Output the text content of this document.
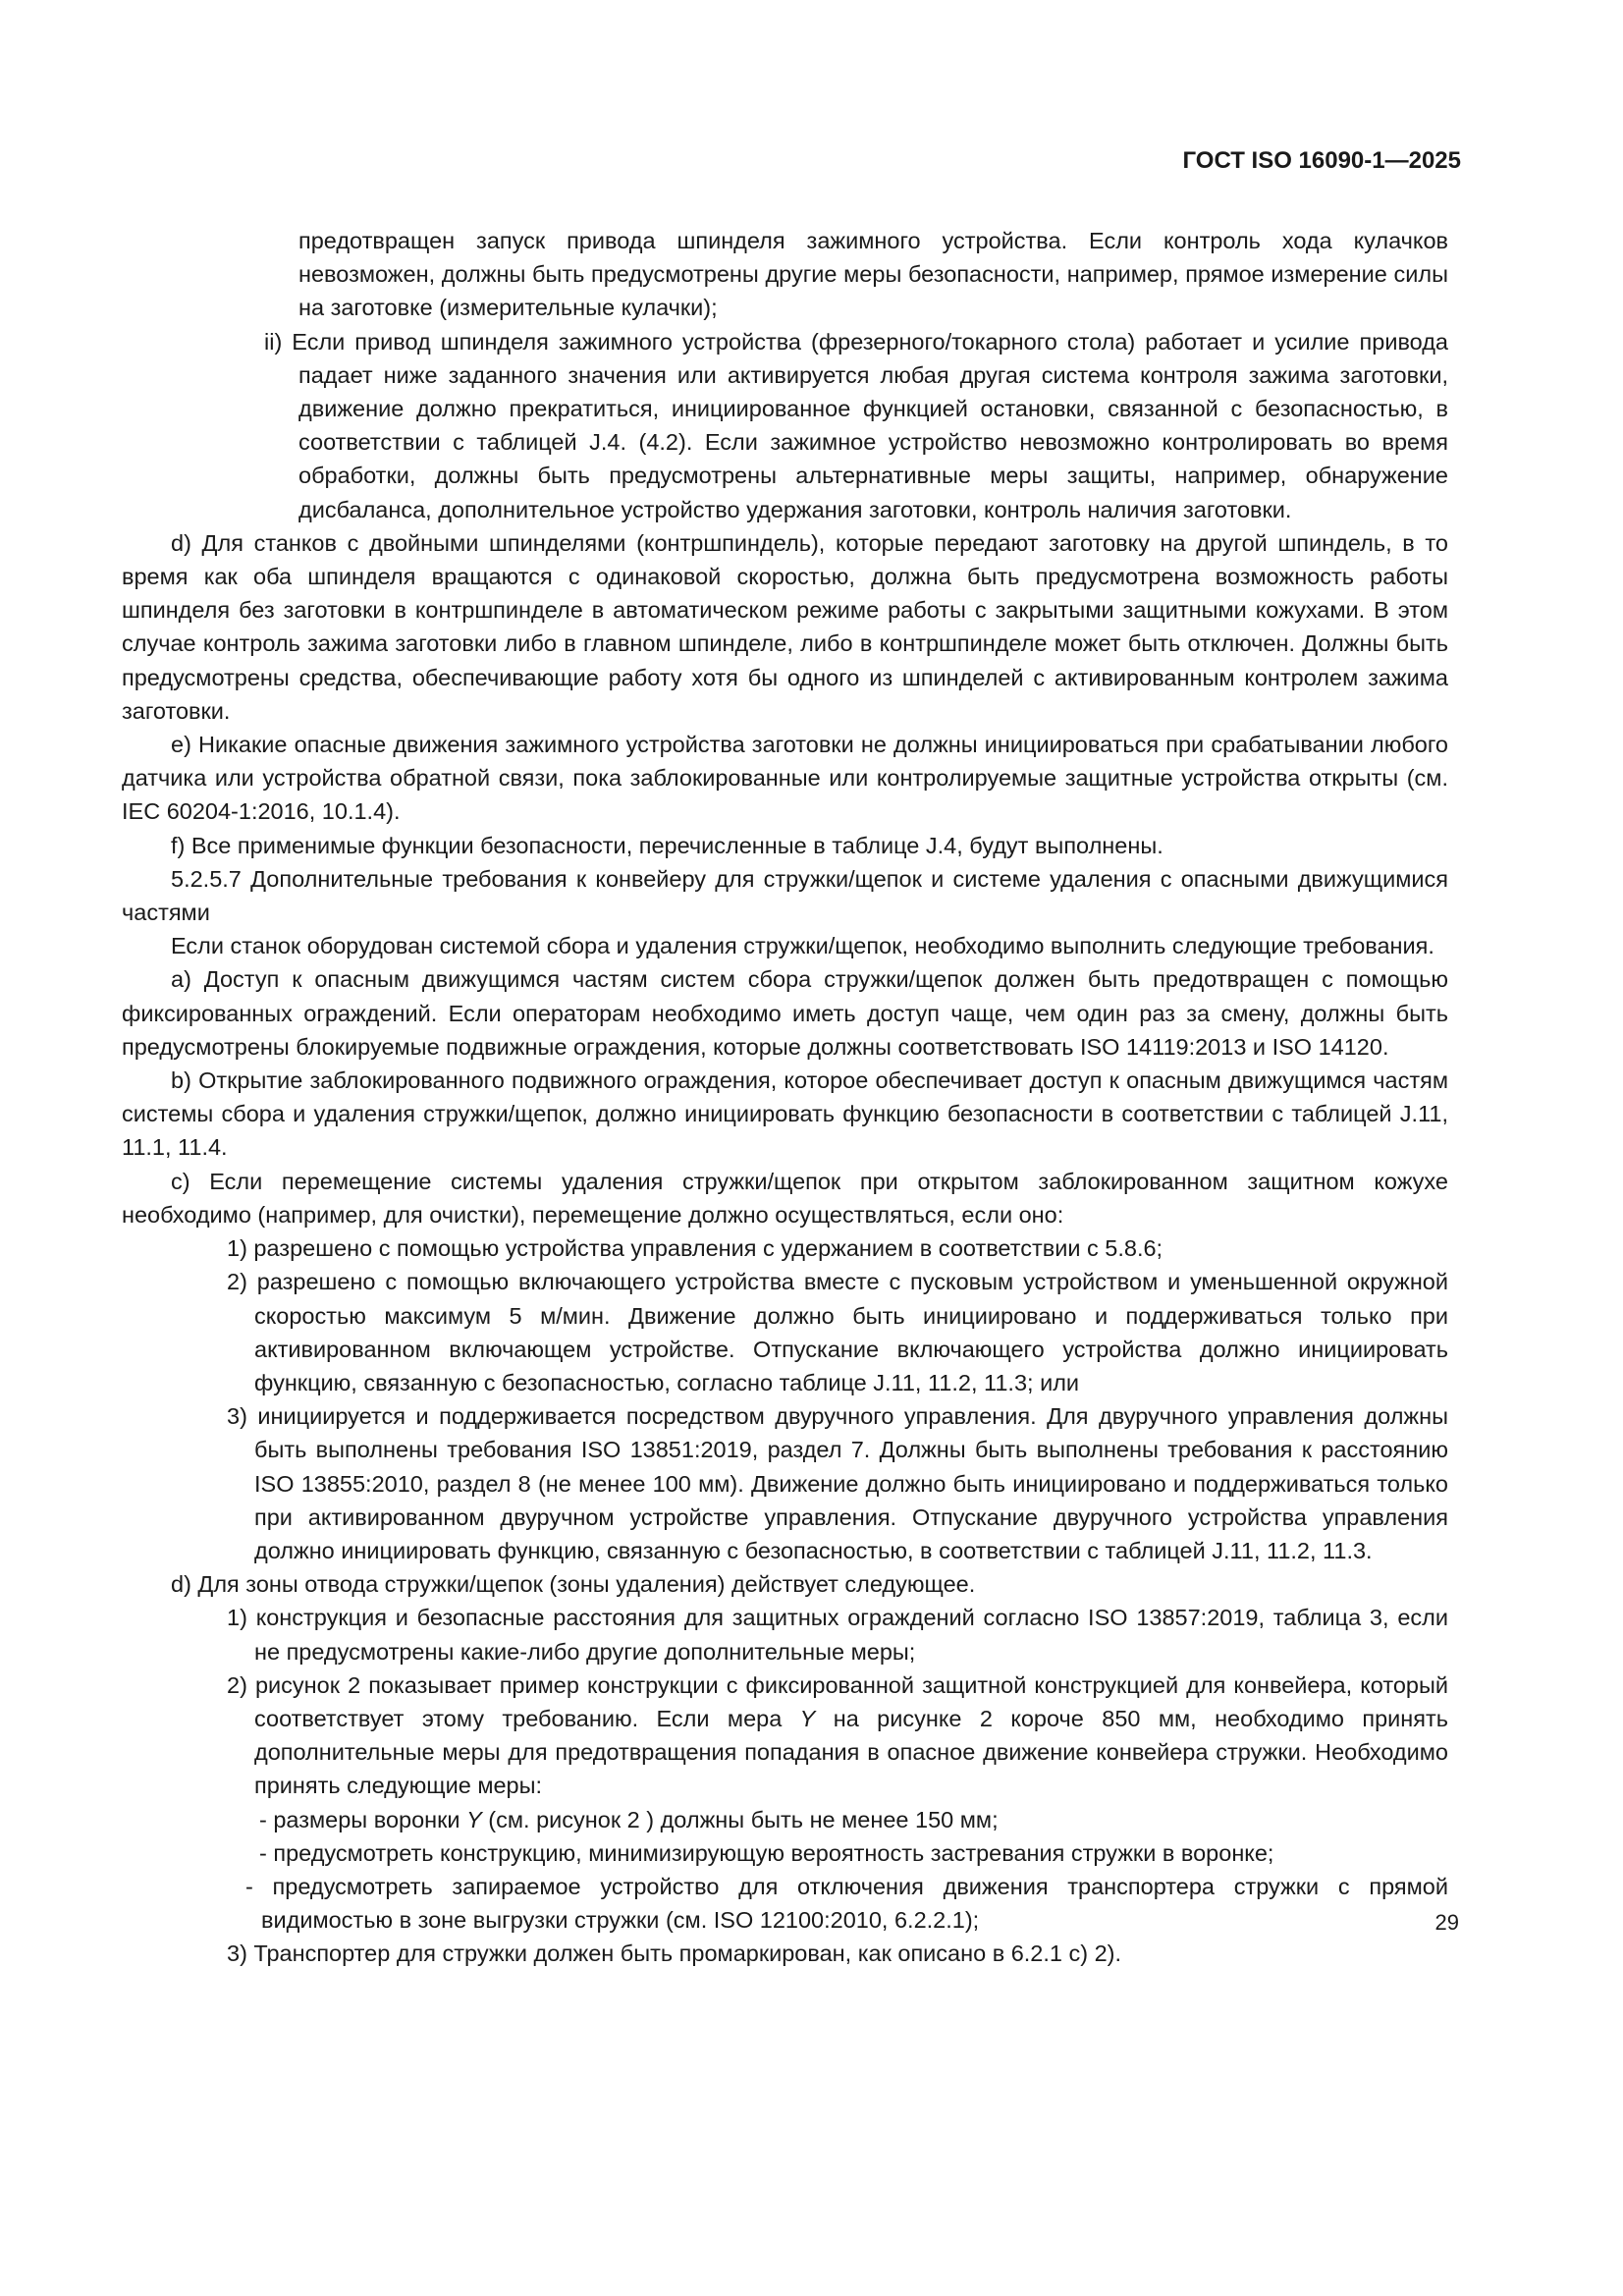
ГОСТ ISO 16090-1—2025

предотвращен запуск привода шпинделя зажимного устройства. Если контроль хода кулачков невозможен, должны быть предусмотрены другие меры безопасности, например, прямое измерение силы на заготовке (измерительные кулачки);

ii) Если привод шпинделя зажимного устройства (фрезерного/токарного стола) работает и усилие привода падает ниже заданного значения или активируется любая другая система контроля зажима заготовки, движение должно прекратиться, инициированное функцией остановки, связанной с безопасностью, в соответствии с таблицей J.4. (4.2). Если зажимное устройство невозможно контролировать во время обработки, должны быть предусмотрены альтернативные меры защиты, например, обнаружение дисбаланса, дополнительное устройство удержания заготовки, контроль наличия заготовки.

d) Для станков с двойными шпинделями (контршпиндель), которые передают заготовку на другой шпиндель, в то время как оба шпинделя вращаются с одинаковой скоростью, должна быть предусмотрена возможность работы шпинделя без заготовки в контршпинделе в автоматическом режиме работы с закрытыми защитными кожухами. В этом случае контроль зажима заготовки либо в главном шпинделе, либо в контршпинделе может быть отключен. Должны быть предусмотрены средства, обеспечивающие работу хотя бы одного из шпинделей с активированным контролем зажима заготовки.

e) Никакие опасные движения зажимного устройства заготовки не должны инициироваться при срабатывании любого датчика или устройства обратной связи, пока заблокированные или контролируемые защитные устройства открыты (см. IEC 60204-1:2016, 10.1.4).

f) Все применимые функции безопасности, перечисленные в таблице J.4, будут выполнены.

5.2.5.7 Дополнительные требования к конвейеру для стружки/щепок и системе удаления с опасными движущимися частями

Если станок оборудован системой сбора и удаления стружки/щепок, необходимо выполнить следующие требования.

a) Доступ к опасным движущимся частям систем сбора стружки/щепок должен быть предотвращен с помощью фиксированных ограждений. Если операторам необходимо иметь доступ чаще, чем один раз за смену, должны быть предусмотрены блокируемые подвижные ограждения, которые должны соответствовать ISO 14119:2013 и ISO 14120.

b) Открытие заблокированного подвижного ограждения, которое обеспечивает доступ к опасным движущимся частям системы сбора и удаления стружки/щепок, должно инициировать функцию безопасности в соответствии с таблицей J.11, 11.1, 11.4.

c) Если перемещение системы удаления стружки/щепок при открытом заблокированном защитном кожухе необходимо (например, для очистки), перемещение должно осуществляться, если оно:

1) разрешено с помощью устройства управления с удержанием в соответствии с 5.8.6;

2) разрешено с помощью включающего устройства вместе с пусковым устройством и уменьшенной окружной скоростью максимум 5 м/мин. Движение должно быть инициировано и поддерживаться только при активированном включающем устройстве. Отпускание включающего устройства должно инициировать функцию, связанную с безопасностью, согласно таблице J.11, 11.2, 11.3; или

3) инициируется и поддерживается посредством двуручного управления. Для двуручного управления должны быть выполнены требования ISO 13851:2019, раздел 7. Должны быть выполнены требования к расстоянию ISO 13855:2010, раздел 8 (не менее 100 мм). Движение должно быть инициировано и поддерживаться только при активированном двуручном устройстве управления. Отпускание двуручного устройства управления должно инициировать функцию, связанную с безопасностью, в соответствии с таблицей J.11, 11.2, 11.3.

d) Для зоны отвода стружки/щепок (зоны удаления) действует следующее.

1) конструкция и безопасные расстояния для защитных ограждений согласно ISO 13857:2019, таблица 3, если не предусмотрены какие-либо другие дополнительные меры;

2) рисунок 2 показывает пример конструкции с фиксированной защитной конструкцией для конвейера, который соответствует этому требованию. Если мера Y на рисунке 2 короче 850 мм, необходимо принять дополнительные меры для предотвращения попадания в опасное движение конвейера стружки. Необходимо принять следующие меры:

- размеры воронки Y (см. рисунок 2 ) должны быть не менее 150 мм;

- предусмотреть конструкцию, минимизирующую вероятность застревания стружки в воронке;

- предусмотреть запираемое устройство для отключения движения транспортера стружки с прямой видимостью в зоне выгрузки стружки (см. ISO 12100:2010, 6.2.2.1);

3) Транспортер для стружки должен быть промаркирован, как описано в 6.2.1 c) 2).

29
